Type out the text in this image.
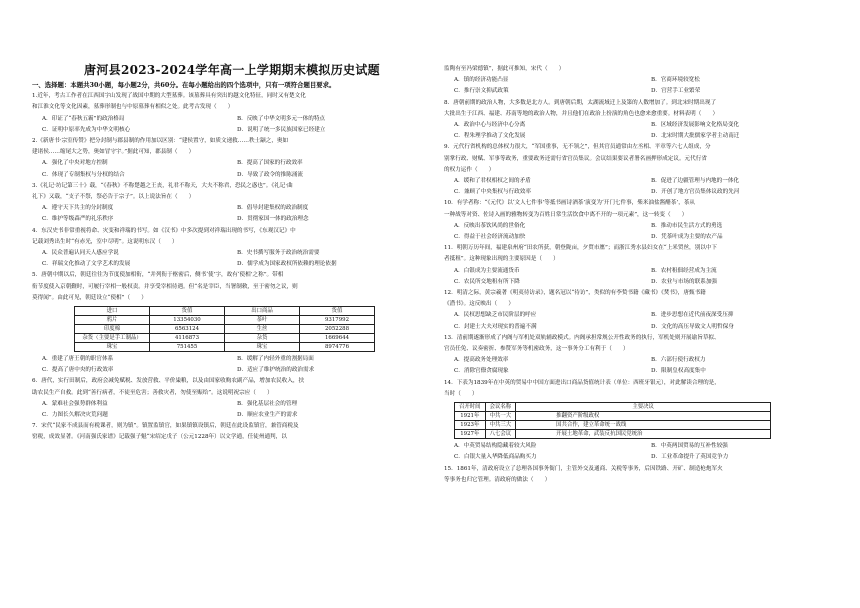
唐河县2023-2024学年高一上学期期末模拟历史试题
一、选择题：本题共30小题，每小题2分，共60分。在每小题给出的四个选项中，只有一项符合题目要求。

1.近年，考古工作者在江西国字山发现了战国中期的大型墓葬。该墓葬具有突出的越文化特征，同时又有楚文化

和江淮文化等文化因素，墓葬形制也与中原墓葬有相似之处。此考古发现（　　）

A．印证了“春秋五霸”的政治格局	B．反映了中华文明多元一体的特点
C．证明中原率先成为中华文明核心	D．说明了统一多民族国家已经建立

2.《新唐书·宗室传赞》把分封制与郡县制的作用加以区别：“建侯置守，如质文递救……秩士颛之，奥如

建诸侯……缩尾大之势，奥如冒守宇。”据此可知，郡县制（　　）

A．强化了中央对地方控制	B．提高了国家的行政效率
C．体现了专制集权与分权的结合	D．导致了政令的推陈涌流

3.《礼记·坊记第三十》载，“《春秋》不称楚越之王丧，礼君不称天，大夫不称君，恐民之惑也”。《礼记·曲

礼下》又载，“支子不祭，祭必告于宗子”。以上说法旨在（　　）

A．遵守天下共主的分封制度	B．倡导封建集权的政治制度
C．维护等级森严的礼乐秩序	D．贯彻家国一体的政治理念

4．东汉史书非常重视将命、灾变和祥瑞的书写。如《汉书》中多次提到对祥瑞出现的书写，《东观汉记》中

记载刘秀出生时“有赤光，室中尽明”。这说明东汉（　　）

A．民众普遍认同天人感应学说	B．史书撰写服务于政治统治需要
C．祥瑞文化推动了文学艺术的发展	D．儒学成为国家政权所依赖的理论依据

5．唐朝中期以后，朝廷往往为节度使加相衔，“并列衔于枢密后，侧书‘使’字，故有‘使相’之称”。带相

衔节度使入京朝觐时，可履行宰相一般权责。并享受宰相待遇。但“名是宰臣，当署制敕，至于密勿之议，则

莫得闻”。由此可见，朝廷设立“使相”（　　）

进口	货值	出口商品	货值
鸦片	13354030	茶叶	9317992
印度棉	6563124	生丝	2052288
杂货（主要是手工制品）	4116873	杂货	1669644
珠宝	751455	珠宝	8974776
A．重建了唐王朝的职官体系	B．缓解了内轻外重的割据局面
C．提高了唐中央的行政效率	D．适应了维护统治的政治需求

6．唐代，实行田制后，政府会减免赋税、发放营救、平价粜粮，以及由国家收购农副产品，增加农民收入，扶

助农民生产自救。此到“善行病者，不徒至危害；善救灾者，勿使至赈给”。这说明祝宗应（　　）

A．蒙难社会强势群体利益	B．强化基层社会的管理
C．力图长久解决灾荒问题	D．顺应农业生产的需求

7．宋代“民家不成县而有税课者，则为镇”。镇置监镇官，如果镇镇设镇后，朝廷在此设监镇官，兼管商税及

窑税，成效显著。《河南强氏家谱》记载强子魁“宋绍定戊子（公元1228年）以文学通，任徒州通判，以

监陶有至冯梁德镇”，据此可推知，宋代（　　）

A．镇的经济功能凸显	B．官商环境较宽松
C．推行崇文抑武政策	D．官营手工业繁荣

8．唐朝前期的政治人物，大多数是北方人。到唐朝后期，太湖流域迁上及第的人数增加了。到北宋时期出现了

大批出生于江西、福建、苏南等地的政治人物，并且他们在政治上扮演的角色也愈来愈重要。材料表明（　　）

A．政治中心与经济中心分离	B．区域经济发展影响文化格局变化
C．程朱理学推动了文化发展	D．北宋时期大批儒家学者主动南迁

9．元代行省机构的总体权力很大，“军国重事，无不领之”，但其官员通常由左丞相、平章等六七人组成，分

别掌行政、财赋、军事等政务，重要政务还需行省官员集议。会议结果要议者署名画押形成定议。元代行省

的权力运作（　　）

A．缓和了君权相权之间的矛盾	B．促进了边疆管理与内地的一体化
C．兼顾了中央集权与行政效率	D．开创了地方官员集体议政的先河

10．有学者称：“《元代》以‘文人七件事’等抵书画诗酒茶’演变为‘开门七件事，柴米油盐酱醋茶’，茶从

一种战等对资、佐诗入画的雅物转变为百姓日常生活饮食中离不开的一项元素”，这一转变（　　）

A．反映出茶饮风尚的世俗化	B．推动市民生活方式的勇选
C．得益于社会经济流动加快	D．凭茶叶成为主要的农产品

11．明朝万历年间，福建泉州府“田农所获，朝登陇亩，夕贸市廛”；而浙江秀水县妇女在“上米贸丝，别以中下

者抵租”。这种现象出现的主要原因是（　　）

A．白银成为主要流通货币	B．农村租佃经营成为主流
C．农民所交地租有所下降	D．农业与市场的联系加强

12．明清之际，黄宗羲著《明夷待访录》，题名冠以“待访”，类似的有李贽书籍《藏书》《焚书》，唐甄书籍

《潜书》。这反映出（　　）

A．民权思想缺乏市民阶层的呼应	B．进步思想在近代前夜深受压抑
C．封建士大夫对现实的普遍不满	D．文化的高压导致文人明哲保身

13．清前期遂渐形成了内阁与军机处双轨辅政模式。内阁承担常规公开性政务的执行，军机处则开展谕旨草拟、

官员任免、议奏密折、参赞军务等机密政务，这一事务分工有利于（　　）

A．提高政务处理效率	B．六部行使行政权力
C．消除官僚贪腐现象	D．限制皇权高度集中

14．下表为1839年在中英的贸易中中国方面进出口商品货值统计表（单位：西班牙银元），对此解读合理的是，

当时（　　）

召开时间	会议名称	主要决议
1921年	中共一大	推翻资产阶级政权
1923年	中共三大	国共合作，建立革命统一战线
1927年	八七会议	开展土地革命，武装反抗国民党统治
A．中英贸易结构隐藏着较大风险	B．中英两国贸易的互补性较强
C．白银大量入华降低商品购买力	D．工业革命提升了英国竞争力

15．1861年，清政府设立了总理各国事务衙门，主管外交及通商、关税等事务，后因铁路、开矿、制造枪炮军火

等事务也归它管理。清政府的做法（　　）
